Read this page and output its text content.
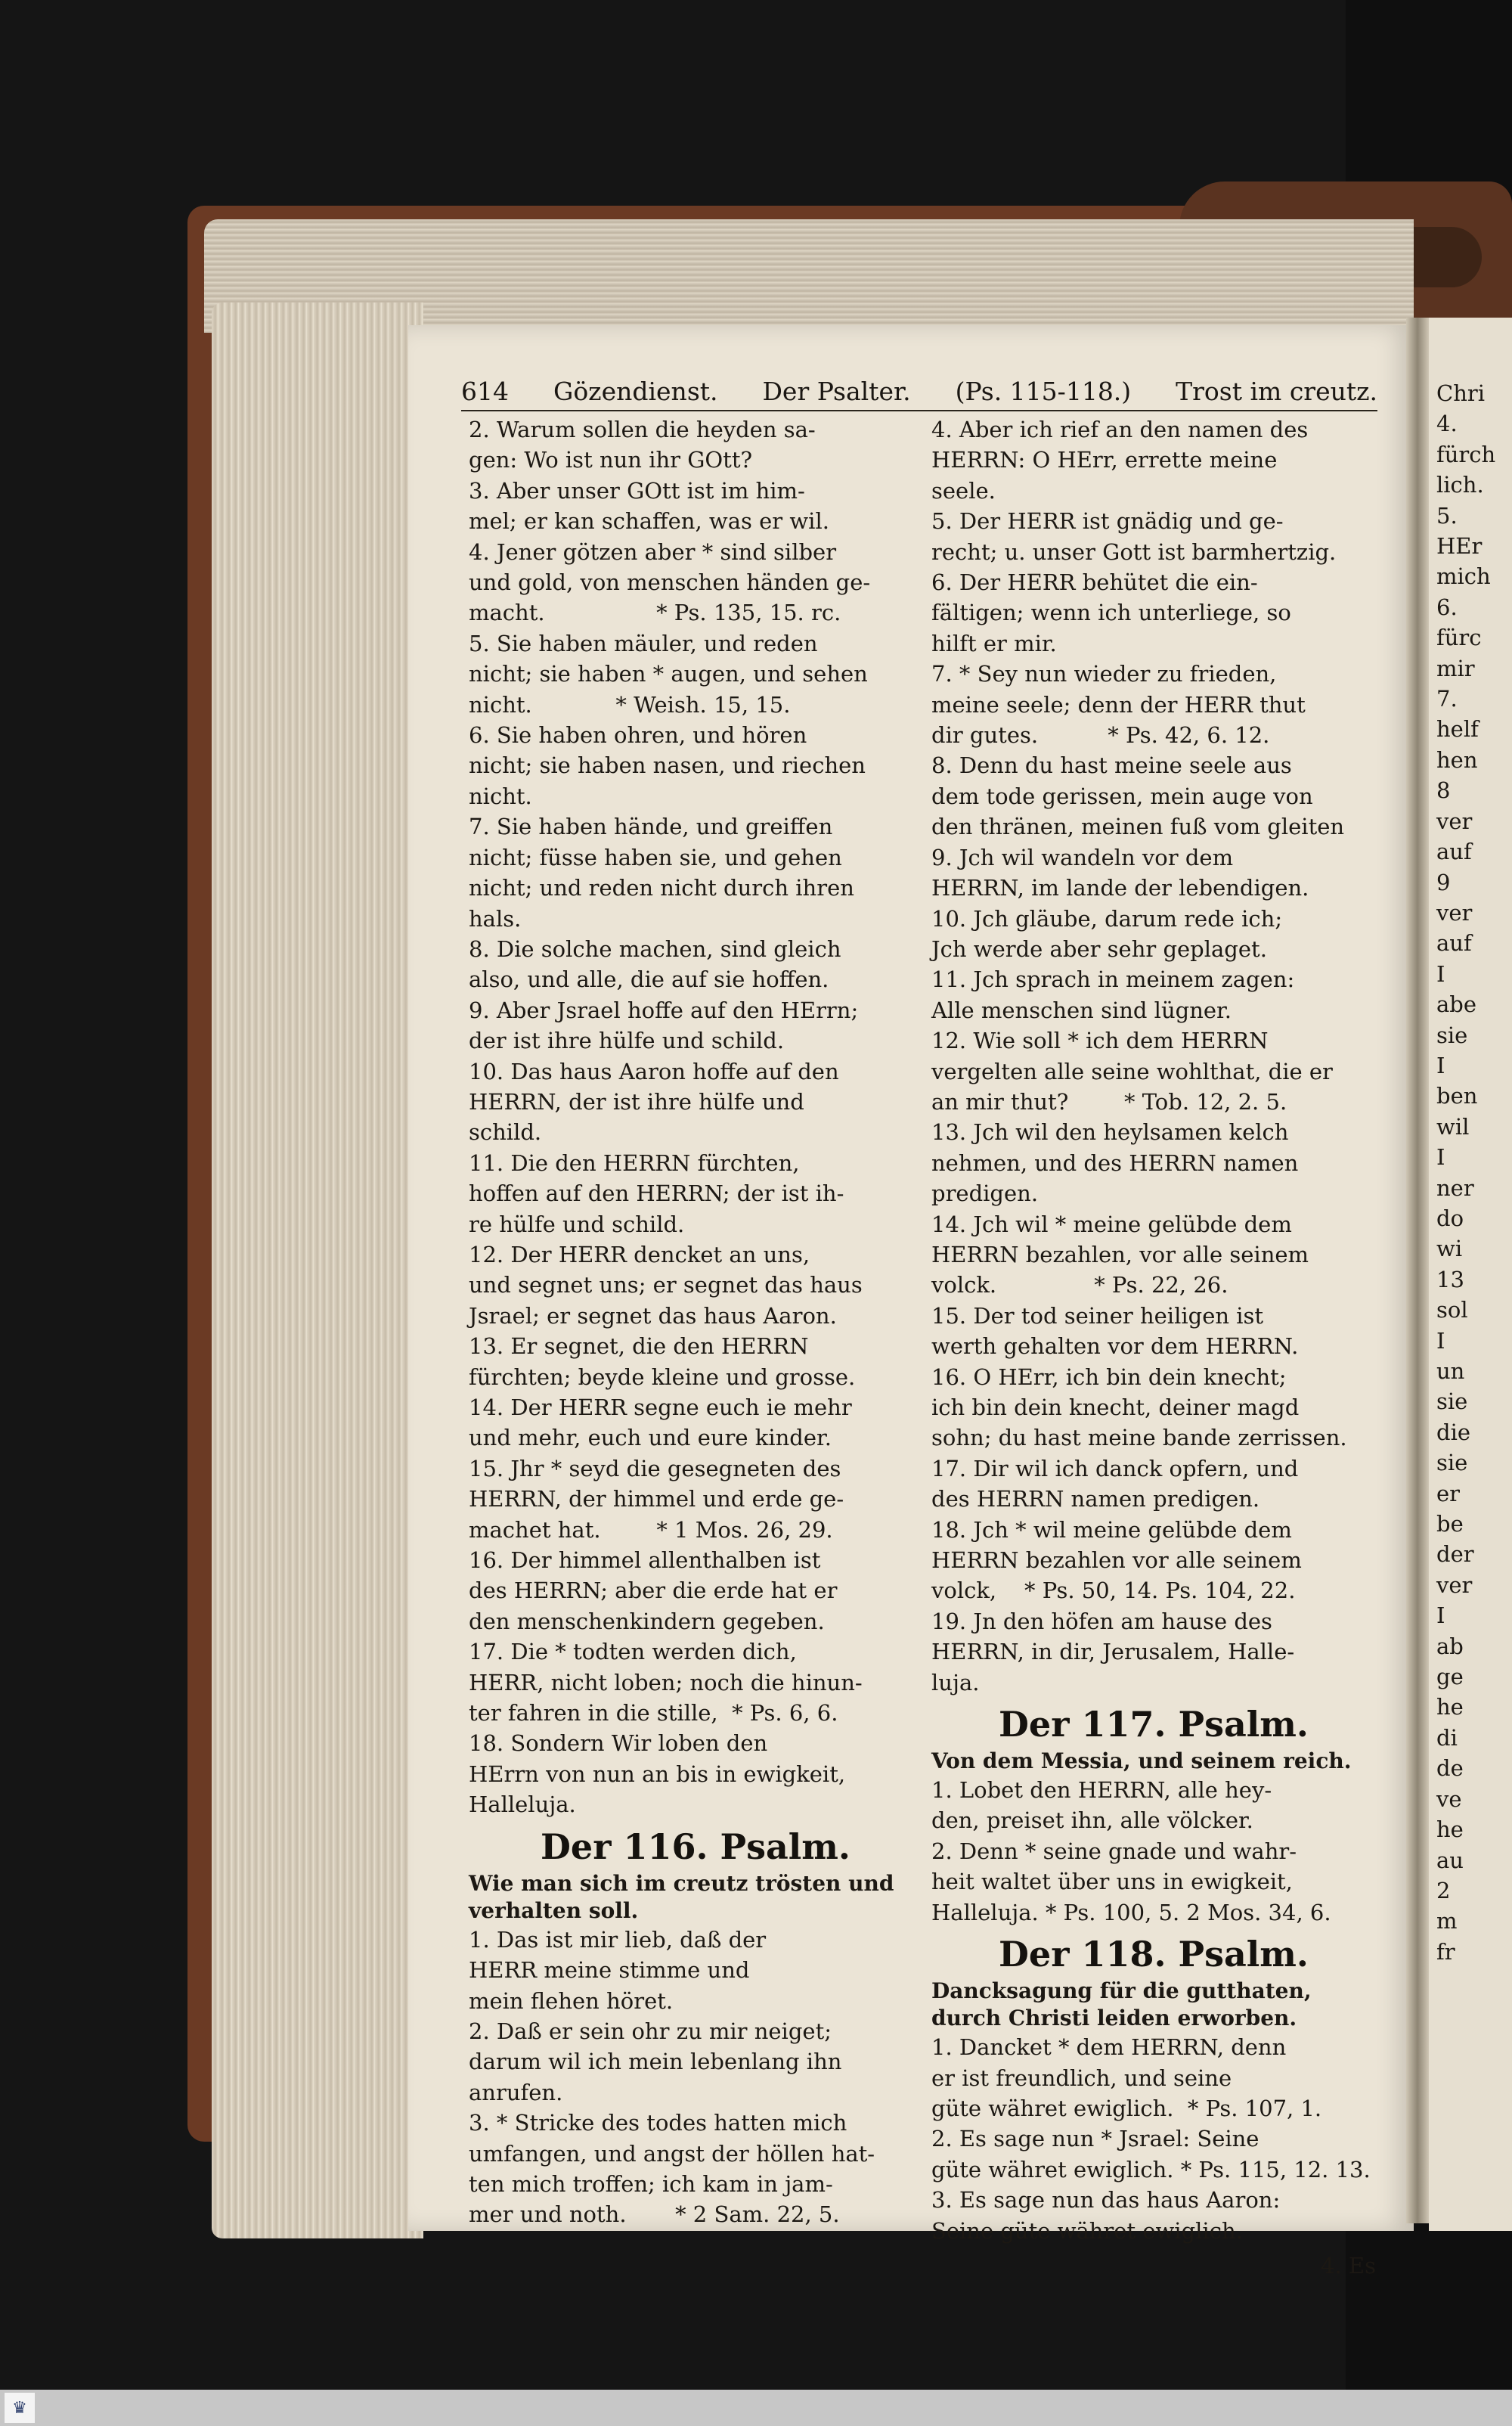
Chri
4.
fürch
lich.
5.
HEr
mich
6.
fürc
mir
7.
helf
hen
8
ver
auf
9
ver
auf
I
abe
sie
I
ben
wil
I
ner
do
wi
13
sol
I
un
sie
die
sie
er
be
der
ver
I
ab
ge
he
di
de
ve
he
au
2
m
fr
614 Gözendienst. Der Psalter. (Ps. 115-118.) Trost im creutz.
2. Warum sollen die heyden sa-
gen: Wo ist nun ihr GOtt?
3. Aber unser GOtt ist im him-
mel; er kan schaffen, was er wil.
4. Jener götzen aber * sind silber
und gold, von menschen händen ge-
macht.                * Ps. 135, 15. rc.
5. Sie haben mäuler, und reden
nicht; sie haben * augen, und sehen
nicht.            * Weish. 15, 15.
6. Sie haben ohren, und hören
nicht; sie haben nasen, und riechen
nicht.
7. Sie haben hände, und greiffen
nicht; füsse haben sie, und gehen
nicht; und reden nicht durch ihren
hals.
8. Die solche machen, sind gleich
also, und alle, die auf sie hoffen.
9. Aber Jsrael hoffe auf den HErrn;
der ist ihre hülfe und schild.
10. Das haus Aaron hoffe auf den
HERRN, der ist ihre hülfe und
schild.
11. Die den HERRN fürchten,
hoffen auf den HERRN; der ist ih-
re hülfe und schild.
12. Der HERR dencket an uns,
und segnet uns; er segnet das haus
Jsrael; er segnet das haus Aaron.
13. Er segnet, die den HERRN
fürchten; beyde kleine und grosse.
14. Der HERR segne euch ie mehr
und mehr, euch und eure kinder.
15. Jhr * seyd die gesegneten des
HERRN, der himmel und erde ge-
machet hat.        * 1 Mos. 26, 29.
16. Der himmel allenthalben ist
des HERRN; aber die erde hat er
den menschenkindern gegeben.
17. Die * todten werden dich,
HERR, nicht loben; noch die hinun-
ter fahren in die stille,  * Ps. 6, 6.
18. Sondern Wir loben den
HErrn von nun an bis in ewigkeit,
Halleluja.
Der 116. Psalm.
Wie man sich im creutz trösten und
verhalten soll.
1. Das ist mir lieb, daß der
HERR meine stimme und
mein flehen höret.
2. Daß er sein ohr zu mir neiget;
darum wil ich mein lebenlang ihn
anrufen.
3. * Stricke des todes hatten mich
umfangen, und angst der höllen hat-
ten mich troffen; ich kam in jam-
mer und noth.       * 2 Sam. 22, 5.
4. Aber ich rief an den namen des
HERRN: O HErr, errette meine
seele.
5. Der HERR ist gnädig und ge-
recht; u. unser Gott ist barmhertzig.
6. Der HERR behütet die ein-
fältigen; wenn ich unterliege, so
hilft er mir.
7. * Sey nun wieder zu frieden,
meine seele; denn der HERR thut
dir gutes.          * Ps. 42, 6. 12.
8. Denn du hast meine seele aus
dem tode gerissen, mein auge von
den thränen, meinen fuß vom gleiten
9. Jch wil wandeln vor dem
HERRN, im lande der lebendigen.
10. Jch gläube, darum rede ich;
Jch werde aber sehr geplaget.
11. Jch sprach in meinem zagen:
Alle menschen sind lügner.
12. Wie soll * ich dem HERRN
vergelten alle seine wohlthat, die er
an mir thut?        * Tob. 12, 2. 5.
13. Jch wil den heylsamen kelch
nehmen, und des HERRN namen
predigen.
14. Jch wil * meine gelübde dem
HERRN bezahlen, vor alle seinem
volck.              * Ps. 22, 26.
15. Der tod seiner heiligen ist
werth gehalten vor dem HERRN.
16. O HErr, ich bin dein knecht;
ich bin dein knecht, deiner magd
sohn; du hast meine bande zerrissen.
17. Dir wil ich danck opfern, und
des HERRN namen predigen.
18. Jch * wil meine gelübde dem
HERRN bezahlen vor alle seinem
volck,    * Ps. 50, 14. Ps. 104, 22.
19. Jn den höfen am hause des
HERRN, in dir, Jerusalem, Halle-
luja.
Der 117. Psalm.
Von dem Messia, und seinem reich.
1. Lobet den HERRN, alle hey-
den, preiset ihn, alle völcker.
2. Denn * seine gnade und wahr-
heit waltet über uns in ewigkeit,
Halleluja. * Ps. 100, 5. 2 Mos. 34, 6.
Der 118. Psalm.
Dancksagung für die gutthaten,
durch Christi leiden erworben.
1. Dancket * dem HERRN, denn
er ist freundlich, und seine
güte währet ewiglich.  * Ps. 107, 1.
2. Es sage nun * Jsrael: Seine
güte währet ewiglich. * Ps. 115, 12. 13.
3. Es sage nun das haus Aaron:
Seine güte währet ewiglich.
4. Es
♛
